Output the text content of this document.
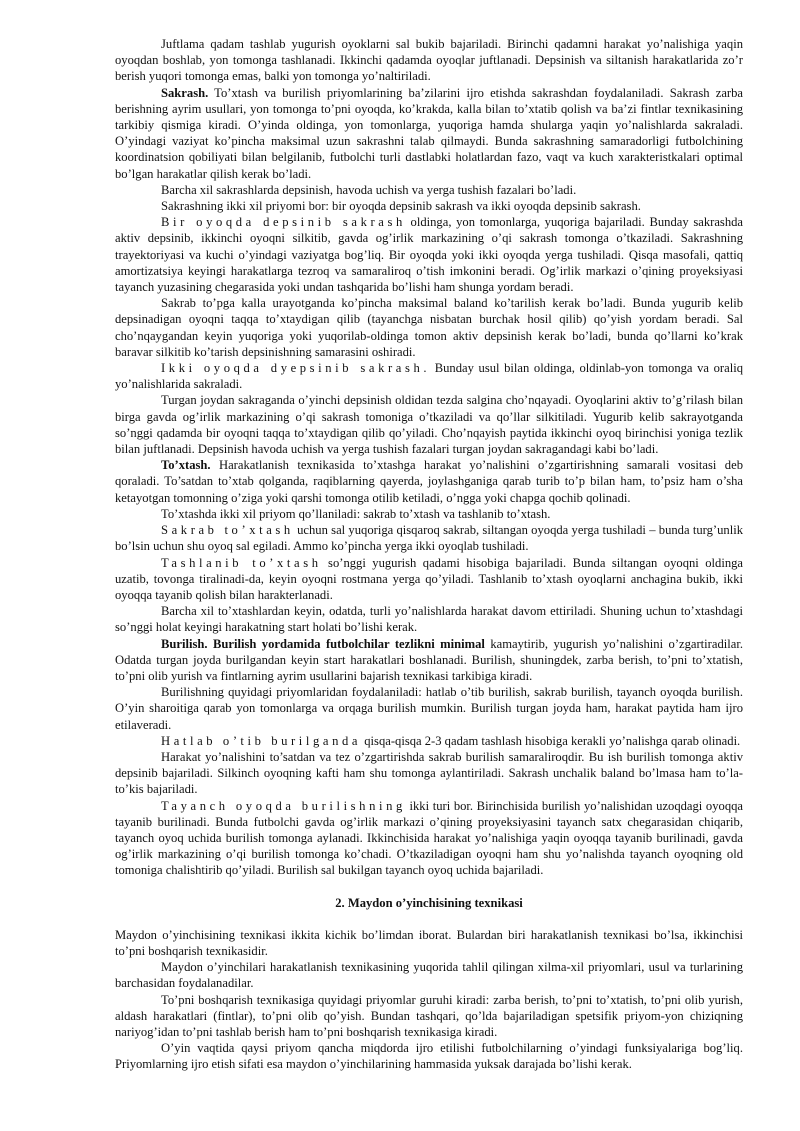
Juftlama qadam tashlab yugurish oyoklarni sal bukib bajariladi. Birinchi qadamni harakat yo’nalishiga yaqin oyoqdan boshlab, yon tomonga tashlanadi. Ikkinchi qadamda oyoqlar juftlanadi. Depsinish va siltanish harakatlarida zo’r berish yuqori tomonga emas, balki yon tomonga yo’naltiriladi.

Sakrash. To’xtash va burilish priyomlarining ba’zilarini ijro etishda sakrashdan foydalaniladi. Sakrash zarba berishning ayrim usullari, yon tomonga to’pni oyoqda, ko’krakda, kalla bilan to’xtatib qolish va ba’zi fintlar texnikasining tarkibiy qismiga kiradi. O’yinda oldinga, yon tomonlarga, yuqoriga hamda shularga yaqin yo’nalishlarda sakraladi. O’yindagi vaziyat ko’pincha maksimal uzun sakrashni talab qilmaydi. Bunda sakrashning samaradorligi futbolchining koordinatsion qobiliyati bilan belgilanib, futbolchi turli dastlabki holatlardan fazo, vaqt va kuch xarakteristkalari optimal bo’lgan harakatlar qilish kerak bo’ladi.

Barcha xil sakrashlarda depsinish, havoda uchish va yerga tushish fazalari bo’ladi.

Sakrashning ikki xil priyomi bor: bir oyoqda depsinib sakrash va ikki oyoqda depsinib sakrash.

Bir oyoqda depsinib sakrash oldinga, yon tomonlarga, yuqoriga bajariladi. Bunday sakrashda aktiv depsinib, ikkinchi oyoqni silkitib, gavda og’irlik markazining o’qi sakrash tomonga o’tkaziladi. Sakrashning trayektoriyasi va kuchi o’yindagi vaziyatga bog’liq. Bir oyoqda yoki ikki oyoqda yerga tushiladi. Qisqa masofali, qattiq amortizatsiya keyingi harakatlarga tezroq va samaraliroq o’tish imkonini beradi. Og’irlik markazi o’qining proyeksiyasi tayanch yuzasining chegarasida yoki undan tashqarida bo’lishi ham shunga yordam beradi.

Sakrab to’pga kalla urayotganda ko’pincha maksimal baland ko’tarilish kerak bo’ladi. Bunda yugurib kelib depsinadigan oyoqni taqqa to’xtaydigan qilib (tayanchga nisbatan burchak hosil qilib) qo’yish yordam beradi. Sal cho’nqaygandan keyin yuqoriga yoki yuqorilab-oldinga tomon aktiv depsinish kerak bo’ladi, bunda qo’llarni ko’krak baravar silkitib ko’tarish depsinishning samarasini oshiradi.

Ikki oyoqda dyepsinib sakrash. Bunday usul bilan oldinga, oldinlab-yon tomonga va oraliq yo’nalishlarida sakraladi.

Turgan joydan sakraganda o’yinchi depsinish oldidan tezda salgina cho’nqayadi. Oyoqlarini aktiv to’g’rilash bilan birga gavda og’irlik markazining o’qi sakrash tomoniga o’tkaziladi va qo’llar silkitiladi. Yugurib kelib sakrayotganda so’nggi qadamda bir oyoqni taqqa to’xtaydigan qilib qo’yiladi. Cho’nqayish paytida ikkinchi oyoq birinchisi yoniga tezlik bilan juftlanadi. Depsinish havoda uchish va yerga tushish fazalari turgan joydan sakragandagi kabi bo’ladi.

To’xtash. Harakatlanish texnikasida to’xtashga harakat yo’nalishini o’zgartirishning samarali vositasi deb qoraladi. To’satdan to’xtab qolganda, raqiblarning qayerda, joylashganiga qarab turib to’p bilan ham, to’psiz ham o’sha ketayotgan tomonning o’ziga yoki qarshi tomonga otilib ketiladi, o’ngga yoki chapga qochib qolinadi.

To’xtashda ikki xil priyom qo’llaniladi: sakrab to’xtash va tashlanib to’xtash.

Sakrab to’xtash uchun sal yuqoriga qisqaroq sakrab, siltangan oyoqda yerga tushiladi – bunda turg’unlik bo’lsin uchun shu oyoq sal egiladi. Ammo ko’pincha yerga ikki oyoqlab tushiladi.

Tashlanib to’xtash so’nggi yugurish qadami hisobiga bajariladi. Bunda siltangan oyoqni oldinga uzatib, tovonga tiralinadi-da, keyin oyoqni rostmana yerga qo’yiladi. Tashlanib to’xtash oyoqlarni anchagina bukib, ikki oyoqqa tayanib qolish bilan harakterlanadi.

Barcha xil to’xtashlardan keyin, odatda, turli yo’nalishlarda harakat davom ettiriladi. Shuning uchun to’xtashdagi so’nggi holat keyingi harakatning start holati bo’lishi kerak.

Burilish. Burilish yordamida futbolchilar tezlikni minimal kamaytirib, yugurish yo’nalishini o’zgartiradilar. Odatda turgan joyda burilgandan keyin start harakatlari boshlanadi. Burilish, shuningdek, zarba berish, to’pni to’xtatish, to’pni olib yurish va fintlarning ayrim usullarini bajarish texnikasi tarkibiga kiradi.

Burilishning quyidagi priyomlaridan foydalaniladi: hatlab o’tib burilish, sakrab burilish, tayanch oyoqda burilish. O’yin sharoitiga qarab yon tomonlarga va orqaga burilish mumkin. Burilish turgan joyda ham, harakat paytida ham ijro etilaveradi.

Hatlab o’tib burilganda qisqa-qisqa 2-3 qadam tashlash hisobiga kerakli yo’nalishga qarab olinadi.

Harakat yo’nalishini to’satdan va tez o’zgartirishda sakrab burilish samaraliroqdir. Bu ish burilish tomonga aktiv depsinib bajariladi. Silkinch oyoqning kafti ham shu tomonga aylantiriladi. Sakrash unchalik baland bo’lmasa ham to’la-to’kis bajariladi.

Tayanch oyoqda burilishning ikki turi bor. Birinchisida burilish yo’nalishidan uzoqdagi oyoqqa tayanib burilinadi. Bunda futbolchi gavda og’irlik markazi o’qining proyeksiyasini tayanch satx chegarasidan chiqarib, tayanch oyoq uchida burilish tomonga aylanadi. Ikkinchisida harakat yo’nalishiga yaqin oyoqqa tayanib burilinadi, gavda og’irlik markazining o’qi burilish tomonga ko’chadi. O’tkaziladigan oyoqni ham shu yo’nalishda tayanch oyoqning old tomoniga chalishtirib qo’yiladi. Burilish sal bukilgan tayanch oyoq uchida bajariladi.

2. Maydon o’yinchisining texnikasi

Maydon o’yinchisining texnikasi ikkita kichik bo’limdan iborat. Bulardan biri harakatlanish texnikasi bo’lsa, ikkinchisi to’pni boshqarish texnikasidir.

Maydon o’yinchilari harakatlanish texnikasining yuqorida tahlil qilingan xilma-xil priyomlari, usul va turlarining barchasidan foydalanadilar.

To’pni boshqarish texnikasiga quyidagi priyomlar guruhi kiradi: zarba berish, to’pni to’xtatish, to’pni olib yurish, aldash harakatlari (fintlar), to’pni olib qo’yish. Bundan tashqari, qo’lda bajariladigan spetsifik priyom-yon chiziqning nariyog’idan to’pni tashlab berish ham to’pni boshqarish texnikasiga kiradi.

O’yin vaqtida qaysi priyom qancha miqdorda ijro etilishi futbolchilarning o’yindagi funksiyalariga bog’liq. Priyomlarning ijro etish sifati esa maydon o’yinchilarining hammasida yuksak darajada bo’lishi kerak.
